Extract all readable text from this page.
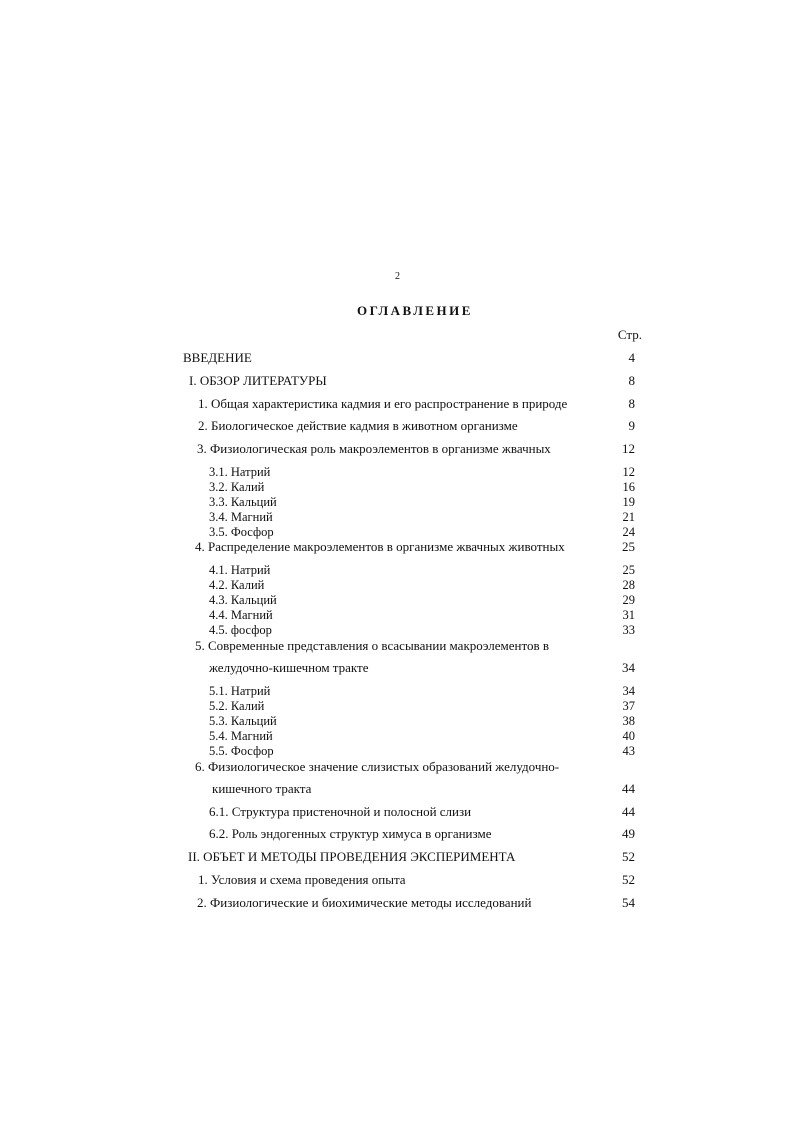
2
ОГЛАВЛЕНИЕ
Стр.
ВВЕДЕНИЕ	4
I. ОБЗОР ЛИТЕРАТУРЫ	8
1. Общая характеристика кадмия и его распространение в природе	8
2. Биологическое действие кадмия в животном организме	9
3. Физиологическая роль макроэлементов в организме жвачных	12
3.1. Натрий	12
3.2. Калий	16
3.3. Кальций	19
3.4. Магний	21
3.5. Фосфор	24
4. Распределение макроэлементов в организме жвачных животных	25
4.1. Натрий	25
4.2. Калий	28
4.3. Кальций	29
4.4. Магний	31
4.5. фосфор	33
5. Современные представления о всасывании макроэлементов в
желудочно-кишечном тракте	34
5.1. Натрий	34
5.2. Калий	37
5.3. Кальций	38
5.4. Магний	40
5.5. Фосфор	43
6. Физиологическое значение слизистых образований желудочно-
кишечного тракта	44
6.1. Структура пристеночной и полосной слизи	44
6.2. Роль эндогенных структур химуса в организме	49
II. ОБЪЕТ И МЕТОДЫ ПРОВЕДЕНИЯ ЭКСПЕРИМЕНТА	52
1. Условия и схема проведения опыта	52
2. Физиологические и биохимические методы исследований	54
